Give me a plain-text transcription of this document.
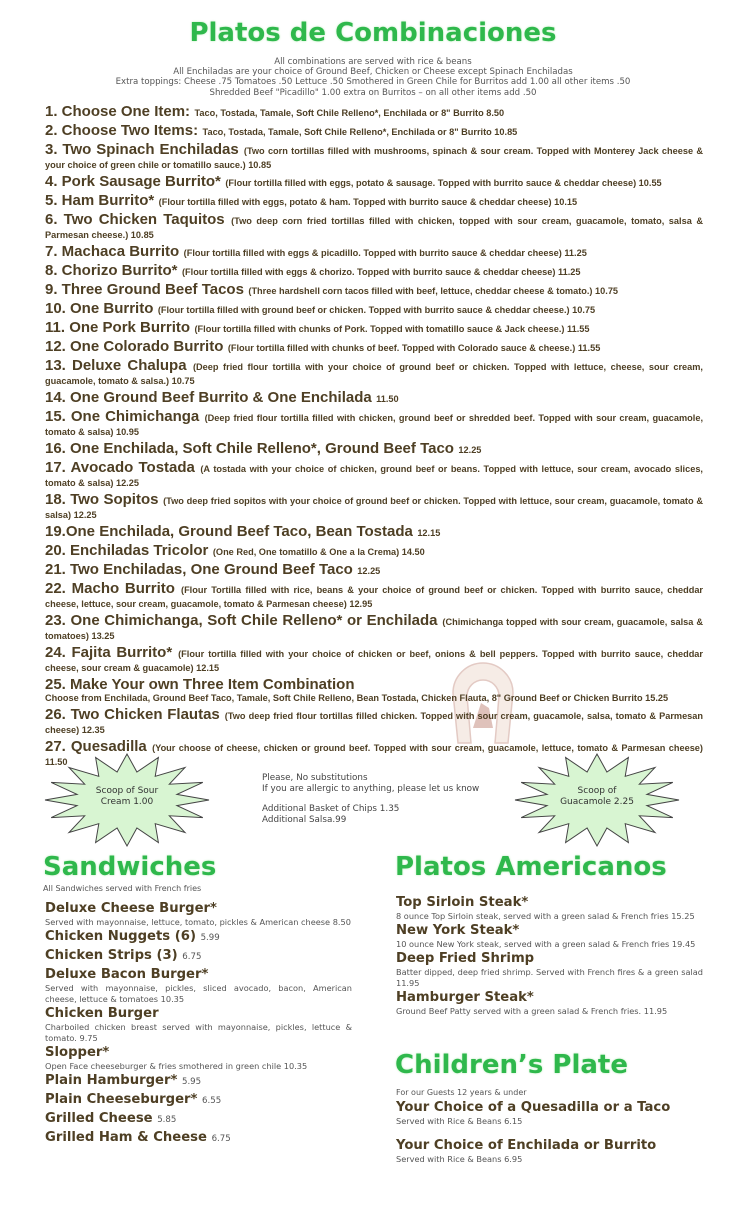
Platos de Combinaciones
All combinations are served with rice & beans
All Enchiladas are your choice of Ground Beef, Chicken or Cheese except Spinach Enchiladas
Extra toppings: Cheese .75 Tomatoes .50 Lettuce .50 Smothered in Green Chile for Burritos add 1.00 all other items .50
Shredded Beef "Picadillo" 1.00 extra on Burritos – on all other items add .50
1. Choose One Item: Taco, Tostada, Tamale, Soft Chile Relleno*, Enchilada or 8" Burrito 8.50
2. Choose Two Items: Taco, Tostada, Tamale, Soft Chile Relleno*, Enchilada or 8" Burrito 10.85
3. Two Spinach Enchiladas (Two corn tortillas filled with mushrooms, spinach & sour cream. Topped with Monterey Jack cheese & your choice of green chile or tomatillo sauce.) 10.85
4. Pork Sausage Burrito* (Flour tortilla filled with eggs, potato & sausage. Topped with burrito sauce & cheddar cheese) 10.55
5. Ham Burrito* (Flour tortilla filled with eggs, potato & ham. Topped with burrito sauce & cheddar cheese) 10.15
6. Two Chicken Taquitos (Two deep corn fried tortillas filled with chicken, topped with sour cream, guacamole, tomato, salsa & Parmesan cheese.) 10.85
7. Machaca Burrito (Flour tortilla filled with eggs & picadillo. Topped with burrito sauce & cheddar cheese) 11.25
8. Chorizo Burrito* (Flour tortilla filled with eggs & chorizo. Topped with burrito sauce & cheddar cheese) 11.25
9. Three Ground Beef Tacos (Three hardshell corn tacos filled with beef, lettuce, cheddar cheese & tomato.) 10.75
10. One Burrito (Flour tortilla filled with ground beef or chicken. Topped with burrito sauce & cheddar cheese.) 10.75
11. One Pork Burrito (Flour tortilla filled with chunks of Pork. Topped with tomatillo sauce & Jack cheese.) 11.55
12. One Colorado Burrito (Flour tortilla filled with chunks of beef. Topped with Colorado sauce & cheese.) 11.55
13. Deluxe Chalupa (Deep fried flour tortilla with your choice of ground beef or chicken. Topped with lettuce, cheese, sour cream, guacamole, tomato & salsa.) 10.75
14. One Ground Beef Burrito & One Enchilada 11.50
15. One Chimichanga (Deep fried flour tortilla filled with chicken, ground beef or shredded beef. Topped with sour cream, guacamole, tomato & salsa) 10.95
16. One Enchilada, Soft Chile Relleno*, Ground Beef Taco 12.25
17. Avocado Tostada (A tostada with your choice of chicken, ground beef or beans. Topped with lettuce, sour cream, avocado slices, tomato & salsa) 12.25
18. Two Sopitos (Two deep fried sopitos with your choice of ground beef or chicken. Topped with lettuce, sour cream, guacamole, tomato & salsa) 12.25
19.One Enchilada, Ground Beef Taco, Bean Tostada 12.15
20. Enchiladas Tricolor (One Red, One tomatillo & One a la Crema) 14.50
21. Two Enchiladas, One Ground Beef Taco 12.25
22. Macho Burrito (Flour Tortilla filled with rice, beans & your choice of ground beef or chicken. Topped with burrito sauce, cheddar cheese, lettuce, sour cream, guacamole, tomato & Parmesan cheese) 12.95
23. One Chimichanga, Soft Chile Relleno* or Enchilada (Chimichanga topped with sour cream, guacamole, salsa & tomatoes) 13.25
24. Fajita Burrito* (Flour tortilla filled with your choice of chicken or beef, onions & bell peppers. Topped with burrito sauce, cheddar cheese, sour cream & guacamole) 12.15
25. Make Your own Three Item Combination
Choose from Enchilada, Ground Beef Taco, Tamale, Soft Chile Relleno, Bean Tostada, Chicken Flauta, 8" Ground Beef or Chicken Burrito 15.25
26. Two Chicken Flautas (Two deep fried flour tortillas filled chicken. Topped with sour cream, guacamole, salsa, tomato & Parmesan cheese) 12.35
27. Quesadilla (Your choose of cheese, chicken or ground beef. Topped with sour cream, guacamole, lettuce, tomato & Parmesan cheese) 11.50
Scoop of Sour
Cream 1.00
Please, No substitutions
If you are allergic to anything, please let us know
Additional Basket of Chips 1.35
Additional Salsa.99
Scoop of
Guacamole 2.25
Sandwiches
All Sandwiches served with French fries
Deluxe Cheese Burger*
Served with mayonnaise, lettuce, tomato, pickles & American cheese 8.50
Chicken Nuggets (6) 5.99
Chicken Strips (3) 6.75
Deluxe Bacon Burger*
Served with mayonnaise, pickles, sliced avocado, bacon, American cheese, lettuce & tomatoes 10.35
Chicken Burger
Charboiled chicken breast served with mayonnaise, pickles, lettuce & tomato. 9.75
Slopper*
Open Face cheeseburger & fries smothered in green chile 10.35
Plain Hamburger* 5.95
Plain Cheeseburger* 6.55
Grilled Cheese 5.85
Grilled Ham & Cheese 6.75
Platos Americanos
Top Sirloin Steak*
8 ounce Top Sirloin steak, served with a green salad & French fries 15.25
New York Steak*
10 ounce New York steak, served with a green salad & French fries 19.45
Deep Fried Shrimp
Batter dipped, deep fried shrimp. Served with French fires & a green salad 11.95
Hamburger Steak*
Ground Beef Patty served with a green salad & French fries. 11.95
Children’s Plate
For our Guests 12 years & under
Your Choice of a Quesadilla or a Taco
Served with Rice & Beans 6.15
Your Choice of Enchilada or Burrito
Served with Rice & Beans 6.95
